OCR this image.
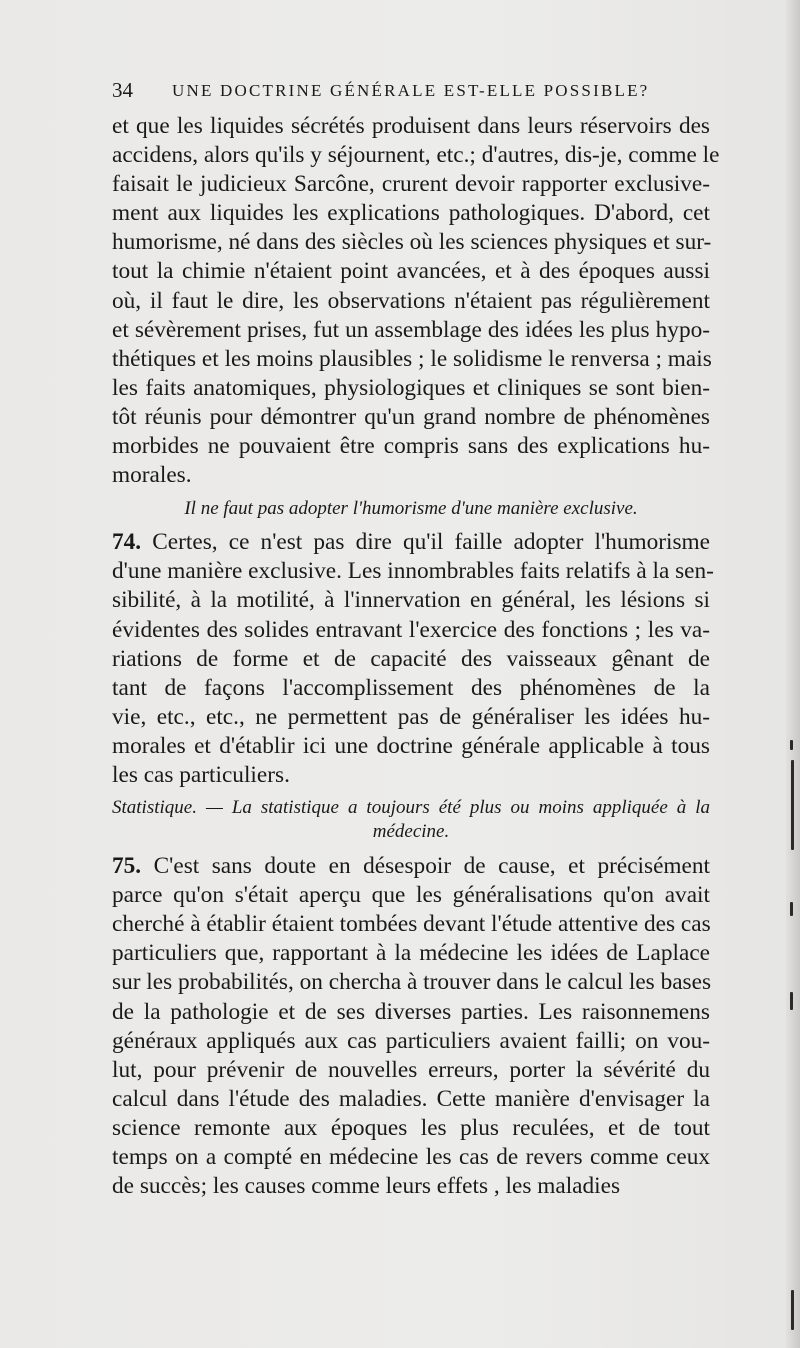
34 UNE DOCTRINE GÉNÉRALE EST-ELLE POSSIBLE?
et que les liquides sécrétés produisent dans leurs réservoirs des
accidens, alors qu'ils y séjournent, etc.; d'autres, dis-je, comme le
faisait le judicieux Sarcône, crurent devoir rapporter exclusive-
ment aux liquides les explications pathologiques. D'abord, cet
humorisme, né dans des siècles où les sciences physiques et sur-
tout la chimie n'étaient point avancées, et à des époques aussi
où, il faut le dire, les observations n'étaient pas régulièrement
et sévèrement prises, fut un assemblage des idées les plus hypo-
thétiques et les moins plausibles ; le solidisme le renversa ; mais
les faits anatomiques, physiologiques et cliniques se sont bien-
tôt réunis pour démontrer qu'un grand nombre de phénomènes
morbides ne pouvaient être compris sans des explications hu-
morales.
Il ne faut pas adopter l'humorisme d'une manière exclusive.
74. Certes, ce n'est pas dire qu'il faille adopter l'humorisme
d'une manière exclusive. Les innombrables faits relatifs à la sen-
sibilité, à la motilité, à l'innervation en général, les lésions si
évidentes des solides entravant l'exercice des fonctions ; les va-
riations de forme et de capacité des vaisseaux gênant de
tant de façons l'accomplissement des phénomènes de la
vie, etc., etc., ne permettent pas de généraliser les idées hu-
morales et d'établir ici une doctrine générale applicable à tous
les cas particuliers.
Statistique. — La statistique a toujours été plus ou moins appliquée à la
médecine.
75. C'est sans doute en désespoir de cause, et précisément
parce qu'on s'était aperçu que les généralisations qu'on avait
cherché à établir étaient tombées devant l'étude attentive des cas
particuliers que, rapportant à la médecine les idées de Laplace
sur les probabilités, on chercha à trouver dans le calcul les bases
de la pathologie et de ses diverses parties. Les raisonnemens
généraux appliqués aux cas particuliers avaient failli; on vou-
lut, pour prévenir de nouvelles erreurs, porter la sévérité du
calcul dans l'étude des maladies. Cette manière d'envisager la
science remonte aux époques les plus reculées, et de tout
temps on a compté en médecine les cas de revers comme ceux
de succès; les causes comme leurs effets , les maladies
